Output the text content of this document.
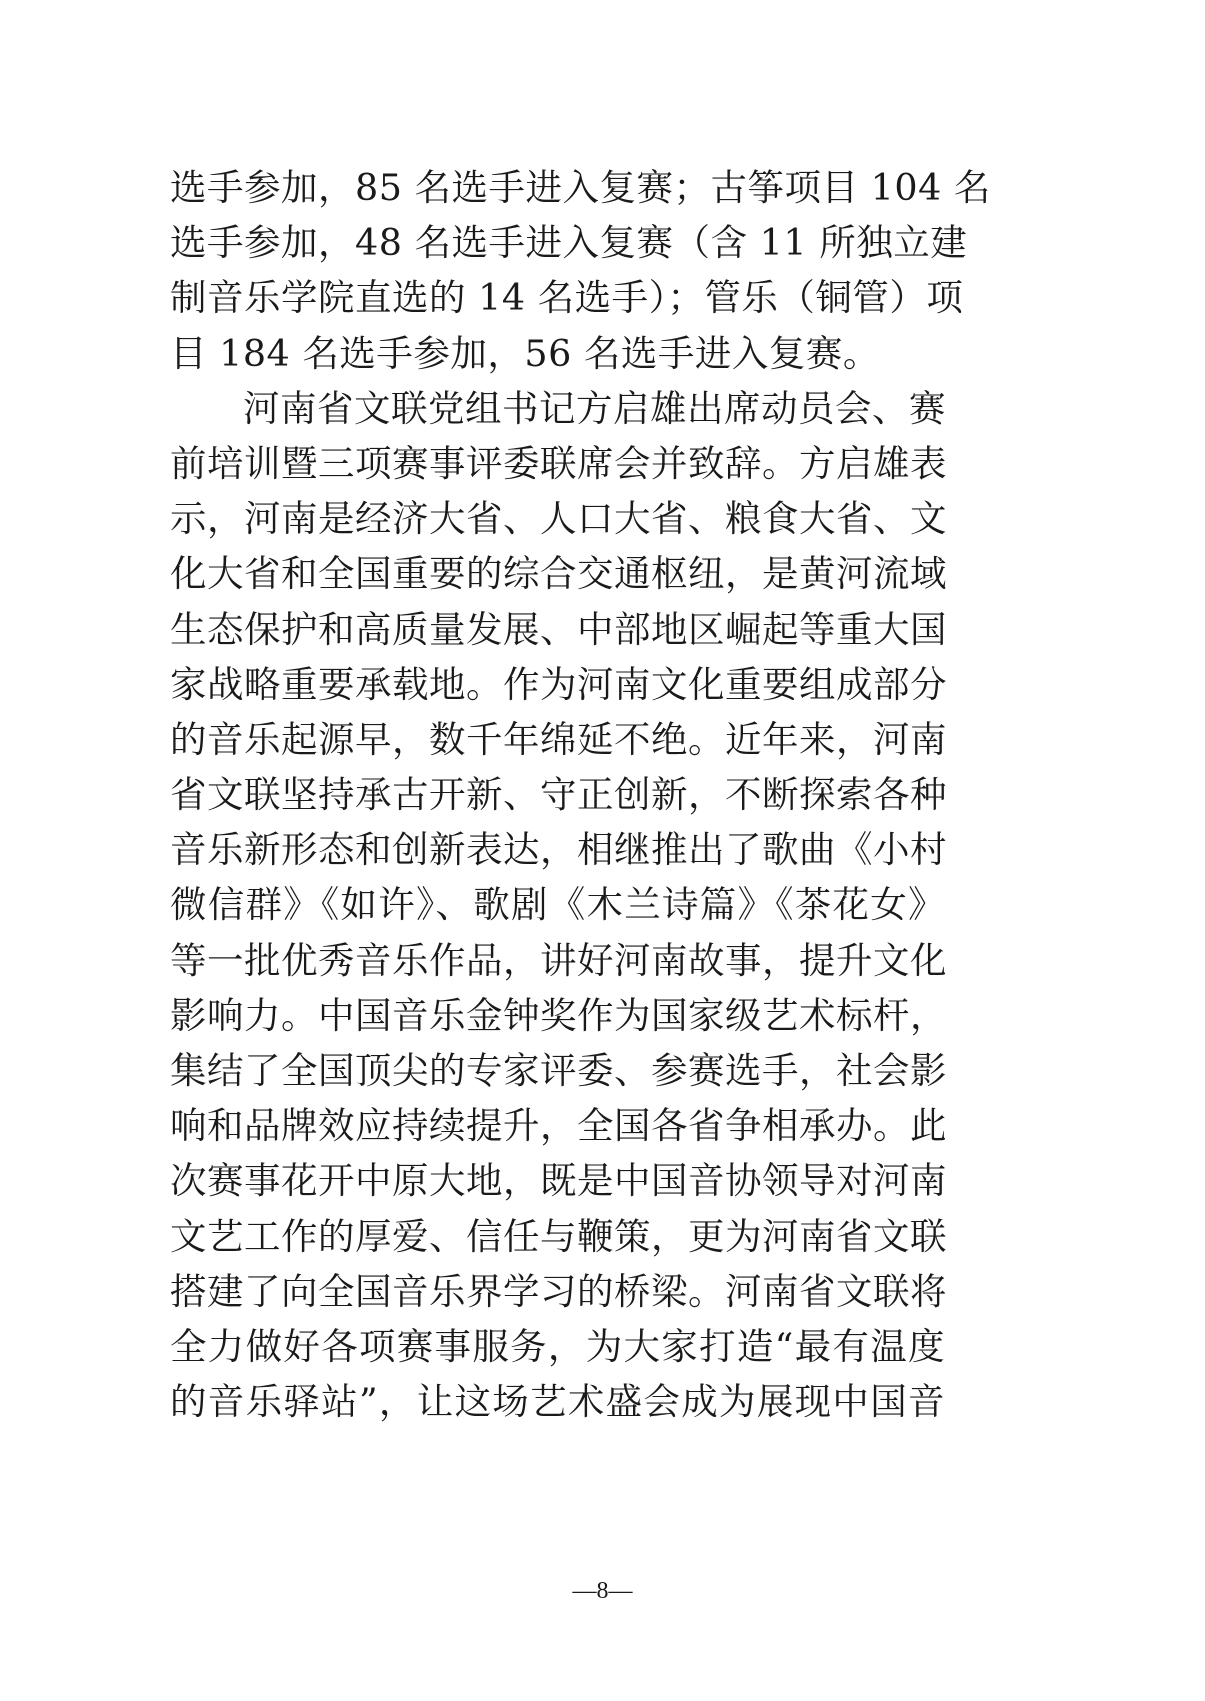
选手参加，85 名选手进入复赛；古筝项目 104 名
选手参加，48 名选手进入复赛（含 11 所独立建
制音乐学院直选的 14 名选手）；管乐（铜管）项
目 184 名选手参加，56 名选手进入复赛。
河南省文联党组书记方启雄出席动员会、赛
前培训暨三项赛事评委联席会并致辞。方启雄表
示，河南是经济大省、人口大省、粮食大省、文
化大省和全国重要的综合交通枢纽，是黄河流域
生态保护和高质量发展、中部地区崛起等重大国
家战略重要承载地。作为河南文化重要组成部分
的音乐起源早，数千年绵延不绝。近年来，河南
省文联坚持承古开新、守正创新，不断探索各种
音乐新形态和创新表达，相继推出了歌曲《小村
微信群》《如许》、歌剧《木兰诗篇》《茶花女》
等一批优秀音乐作品，讲好河南故事，提升文化
影响力。中国音乐金钟奖作为国家级艺术标杆，
集结了全国顶尖的专家评委、参赛选手，社会影
响和品牌效应持续提升，全国各省争相承办。此
次赛事花开中原大地，既是中国音协领导对河南
文艺工作的厚爱、信任与鞭策，更为河南省文联
搭建了向全国音乐界学习的桥梁。河南省文联将
全力做好各项赛事服务，为大家打造“最有温度
的音乐驿站”，让这场艺术盛会成为展现中国音
—8—
